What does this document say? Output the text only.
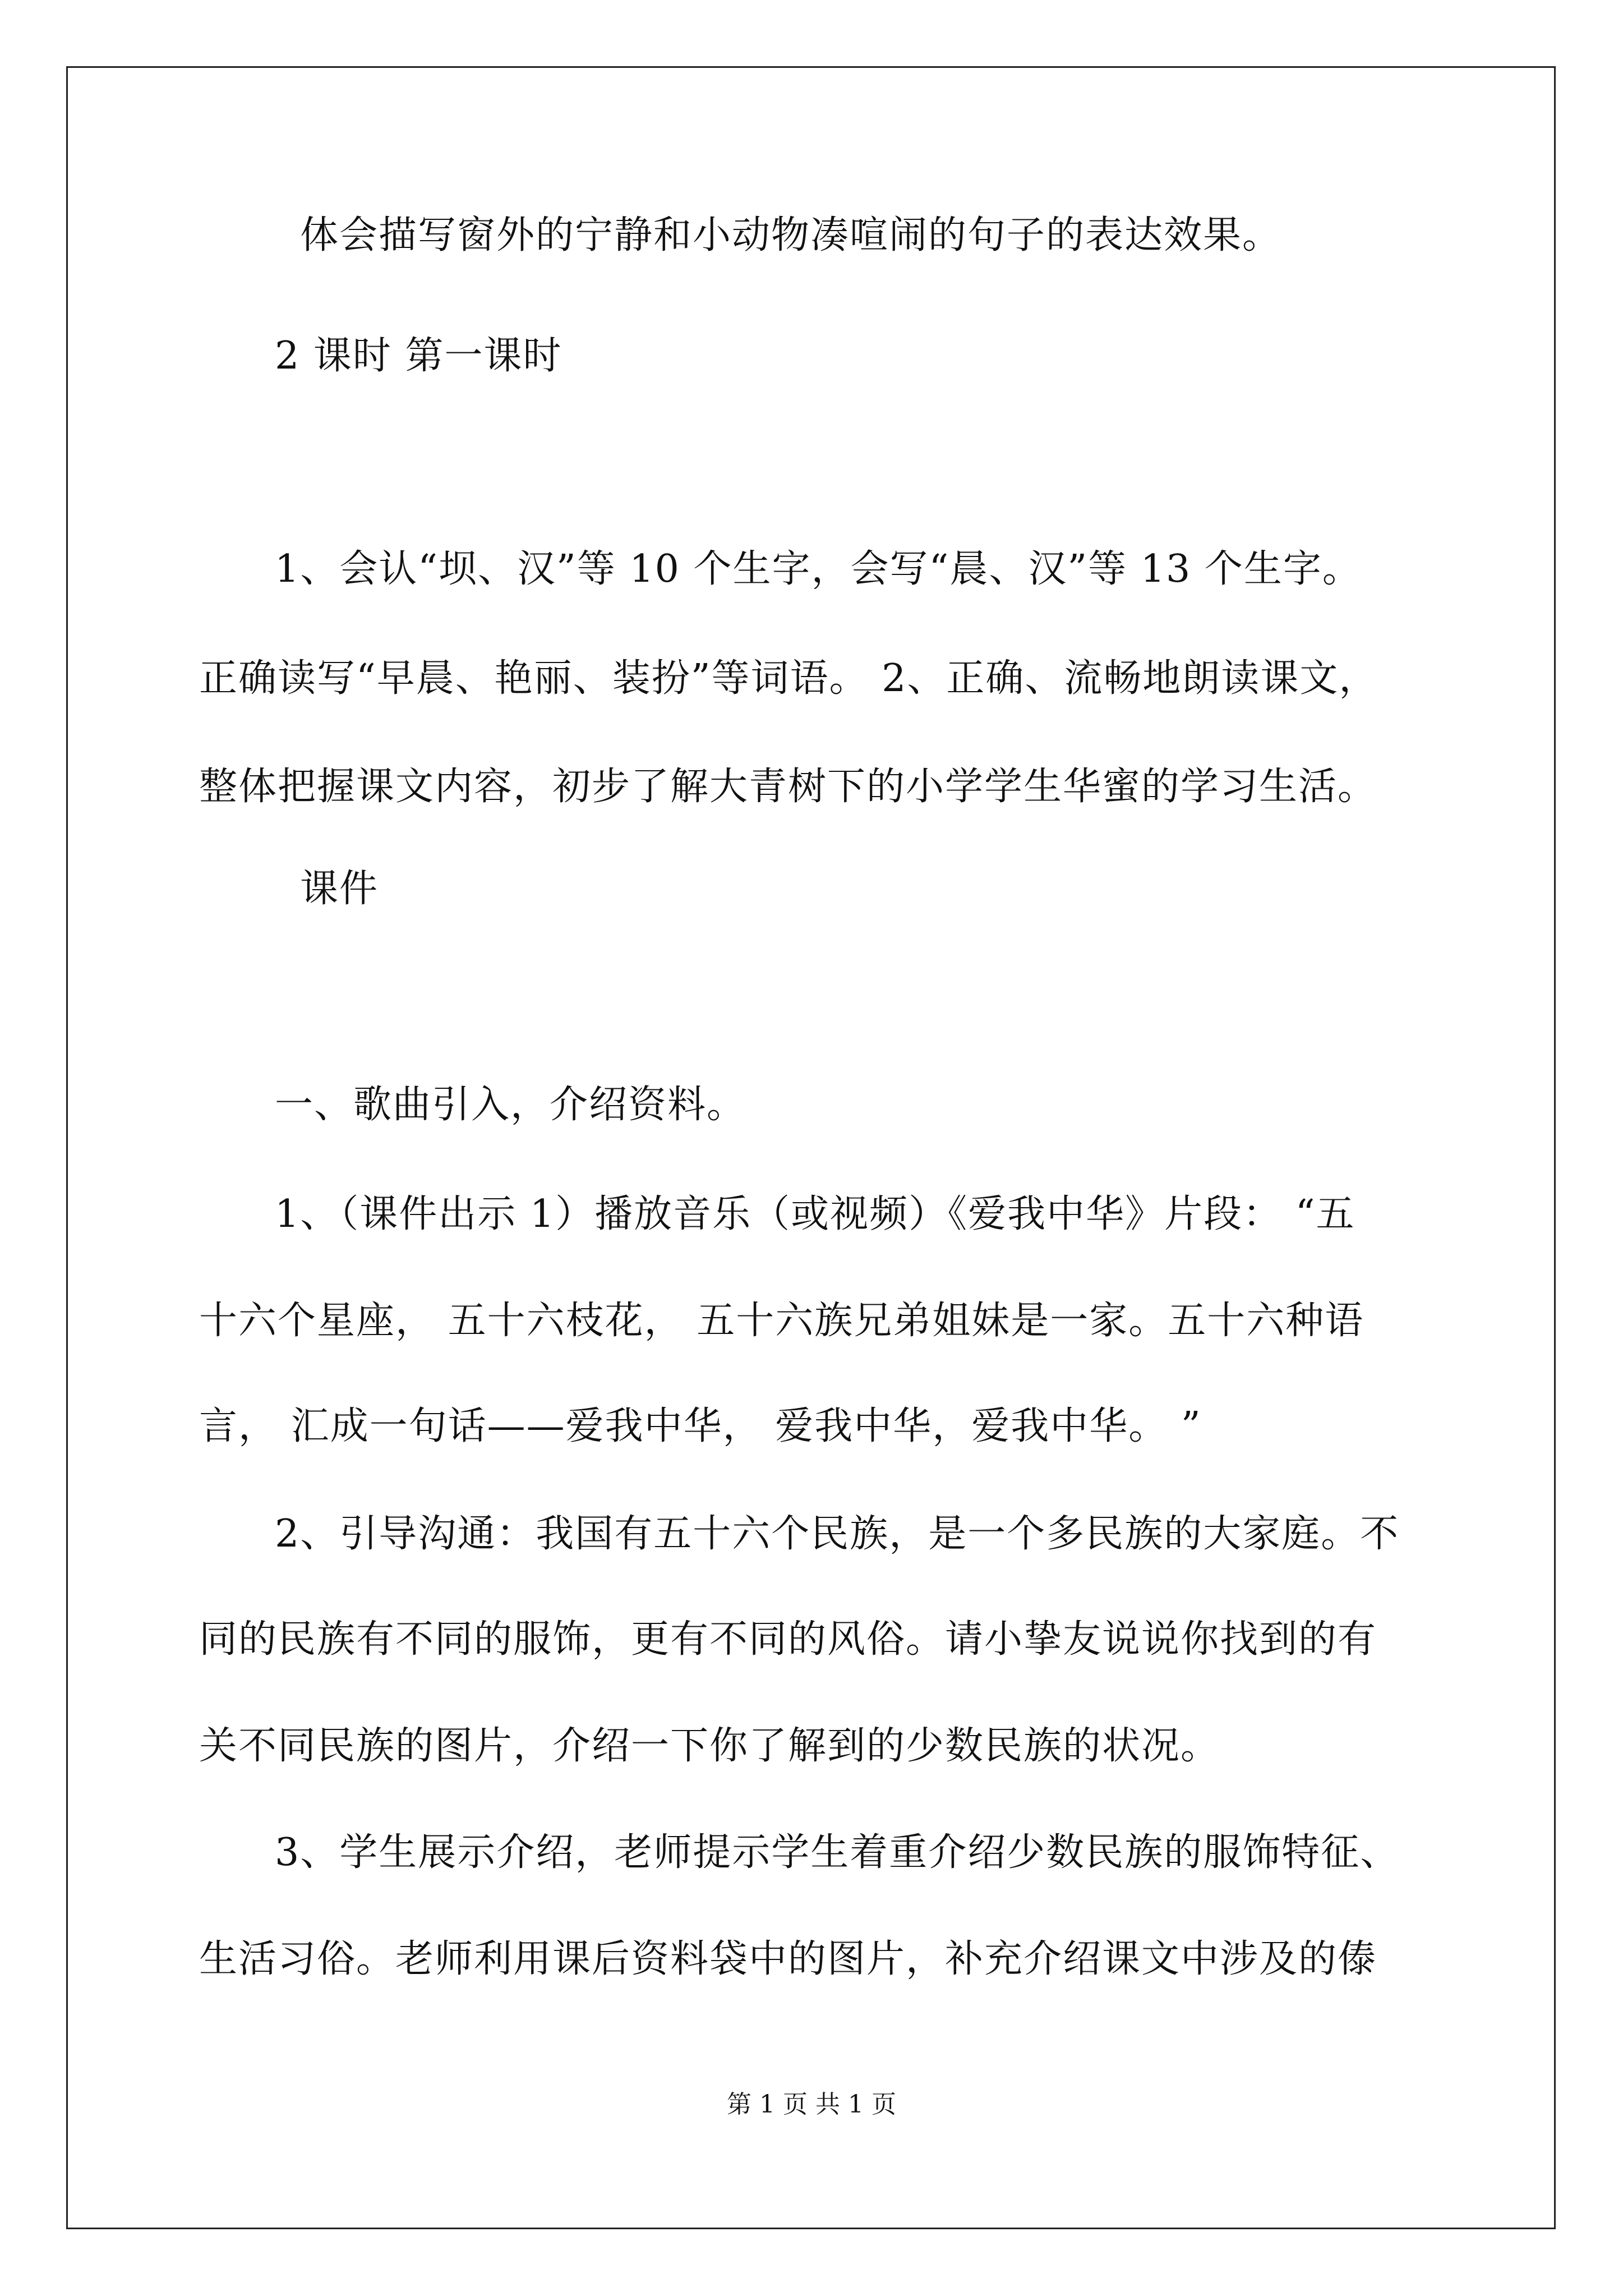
体会描写窗外的宁静和小动物凑喧闹的句子的表达效果。
2 课时 第一课时
1、会认“坝、汉”等 10 个生字，会写“晨、汉”等 13 个生字。
正确读写“早晨、艳丽、装扮”等词语。 2、正确、流畅地朗读课文，
整体把握课文内容，初步了解大青树下的小学学生华蜜的学习生活。
课件
一、歌曲引入，介绍资料。
1、（课件出示 1）播放音乐（或视频）《爱我中华》片段： “五
十六个星座， 五十六枝花， 五十六族兄弟姐妹是一家。五十六种语
言， 汇成一句话——爱我中华， 爱我中华，爱我中华。 ”
2、引导沟通：我国有五十六个民族，是一个多民族的大家庭。不
同的民族有不同的服饰，更有不同的风俗。请小挚友说说你找到的有
关不同民族的图片，介绍一下你了解到的少数民族的状况。
3、学生展示介绍，老师提示学生着重介绍少数民族的服饰特征、
生活习俗。老师利用课后资料袋中的图片，补充介绍课文中涉及的傣
第 1 页 共 1 页
